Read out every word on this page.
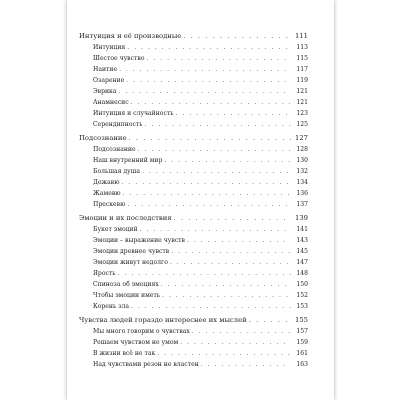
Интуиция и её производные . . .	111
Интуиция . . .	113
Шестое чувство . . .	115
Наитие . . .	117
Озарение . . .	119
Эврика . . .	121
Анамнесис . . .	121
Интуиция и случайность . . .	123
Серендипность . . .	125
Подсознание . . .	127
Подсознание . . .	128
Наш внутренний мир . . .	130
Большая душа . . .	132
Дежавю . . .	134
Жамевю . . .	136
Прескевю . . .	137
Эмоции и их последствия . . .	139
Букет эмоций . . .	141
Эмоции – выражение чувств . . .	143
Эмоции древнее чувств . . .	145
Эмоции живут недолго . . .	147
Ярость . . .	148
Спиноза об эмоциях . . .	150
Чтобы эмоции иметь . . .	152
Корень зла . . .	153
Чувства людей гораздо интереснее их мыслей . . .	155
Мы много говорим о чувствах . . .	157
Решаем чувством не умом . . .	159
В жизни всё не так . . .	161
Над чувствами резон не властен . . .	163
